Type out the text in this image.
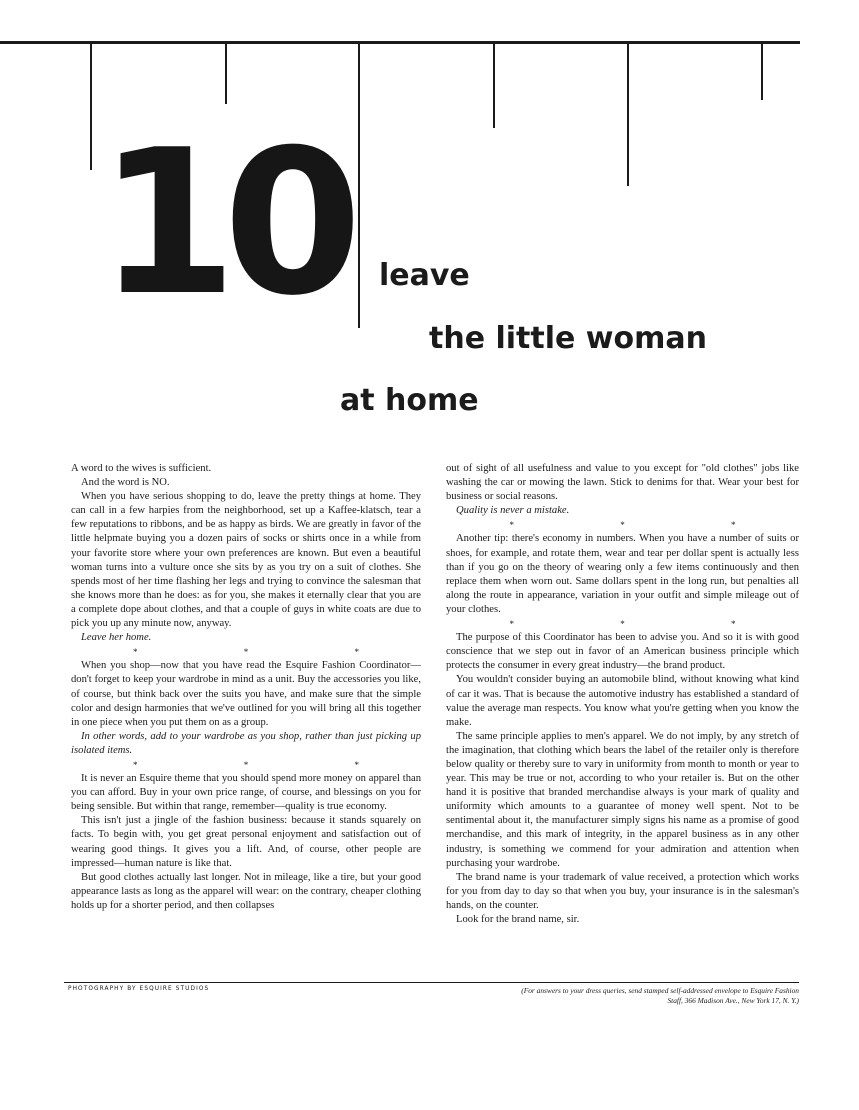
10 leave
the little woman
at home

A word to the wives is sufficient.

And the word is NO.

When you have serious shopping to do, leave the pretty things at home. They can call in a few harpies from the neighborhood, set up a Kaffee-klatsch, tear a few reputations to ribbons, and be as happy as birds. We are greatly in favor of the little helpmate buying you a dozen pairs of socks or shirts once in a while from your favorite store where your own preferences are known. But even a beautiful woman turns into a vulture once she sits by as you try on a suit of clothes. She spends most of her time flashing her legs and trying to convince the salesman that she knows more than he does: as for you, she makes it eternally clear that you are a complete dope about clothes, and that a couple of guys in white coats are due to pick you up any minute now, anyway.

Leave her home.

* * *

When you shop—now that you have read the Esquire Fashion Coordinator—don't forget to keep your wardrobe in mind as a unit. Buy the accessories you like, of course, but think back over the suits you have, and make sure that the simple color and design harmonies that we've outlined for you will bring all this together in one piece when you put them on as a group.

In other words, add to your wardrobe as you shop, rather than just picking up isolated items.

* * *

It is never an Esquire theme that you should spend more money on apparel than you can afford. Buy in your own price range, of course, and blessings on you for being sensible. But within that range, remember—quality is true economy.

This isn't just a jingle of the fashion business: because it stands squarely on facts. To begin with, you get great personal enjoyment and satisfaction out of wearing good things. It gives you a lift. And, of course, other people are impressed—human nature is like that.

But good clothes actually last longer. Not in mileage, like a tire, but your good appearance lasts as long as the apparel will wear: on the contrary, cheaper clothing holds up for a shorter period, and then collapses

out of sight of all usefulness and value to you except for "old clothes" jobs like washing the car or mowing the lawn. Stick to denims for that. Wear your best for business or social reasons.

Quality is never a mistake.

* * *

Another tip: there's economy in numbers. When you have a number of suits or shoes, for example, and rotate them, wear and tear per dollar spent is actually less than if you go on the theory of wearing only a few items continuously and then replace them when worn out. Same dollars spent in the long run, but penalties all along the route in appearance, variation in your outfit and simple mileage out of your clothes.

* * *

The purpose of this Coordinator has been to advise you. And so it is with good conscience that we step out in favor of an American business principle which protects the consumer in every great industry—the brand product.

You wouldn't consider buying an automobile blind, without knowing what kind of car it was. That is because the automotive industry has established a standard of value the average man respects. You know what you're getting when you know the make.

The same principle applies to men's apparel. We do not imply, by any stretch of the imagination, that clothing which bears the label of the retailer only is therefore below quality or thereby sure to vary in uniformity from month to month or year to year. This may be true or not, according to who your retailer is. But on the other hand it is positive that branded merchandise always is your mark of quality and uniformity which amounts to a guarantee of money well spent. Not to be sentimental about it, the manufacturer simply signs his name as a promise of good merchandise, and this mark of integrity, in the apparel business as in any other industry, is something we commend for your admiration and attention when purchasing your wardrobe.

The brand name is your trademark of value received, a protection which works for you from day to day so that when you buy, your insurance is in the salesman's hands, on the counter.

Look for the brand name, sir.

PHOTOGRAPHY BY ESQUIRE STUDIOS	(For answers to your dress queries, send stamped self-addressed envelope to Esquire Fashion Staff, 366 Madison Ave., New York 17, N. Y.)
